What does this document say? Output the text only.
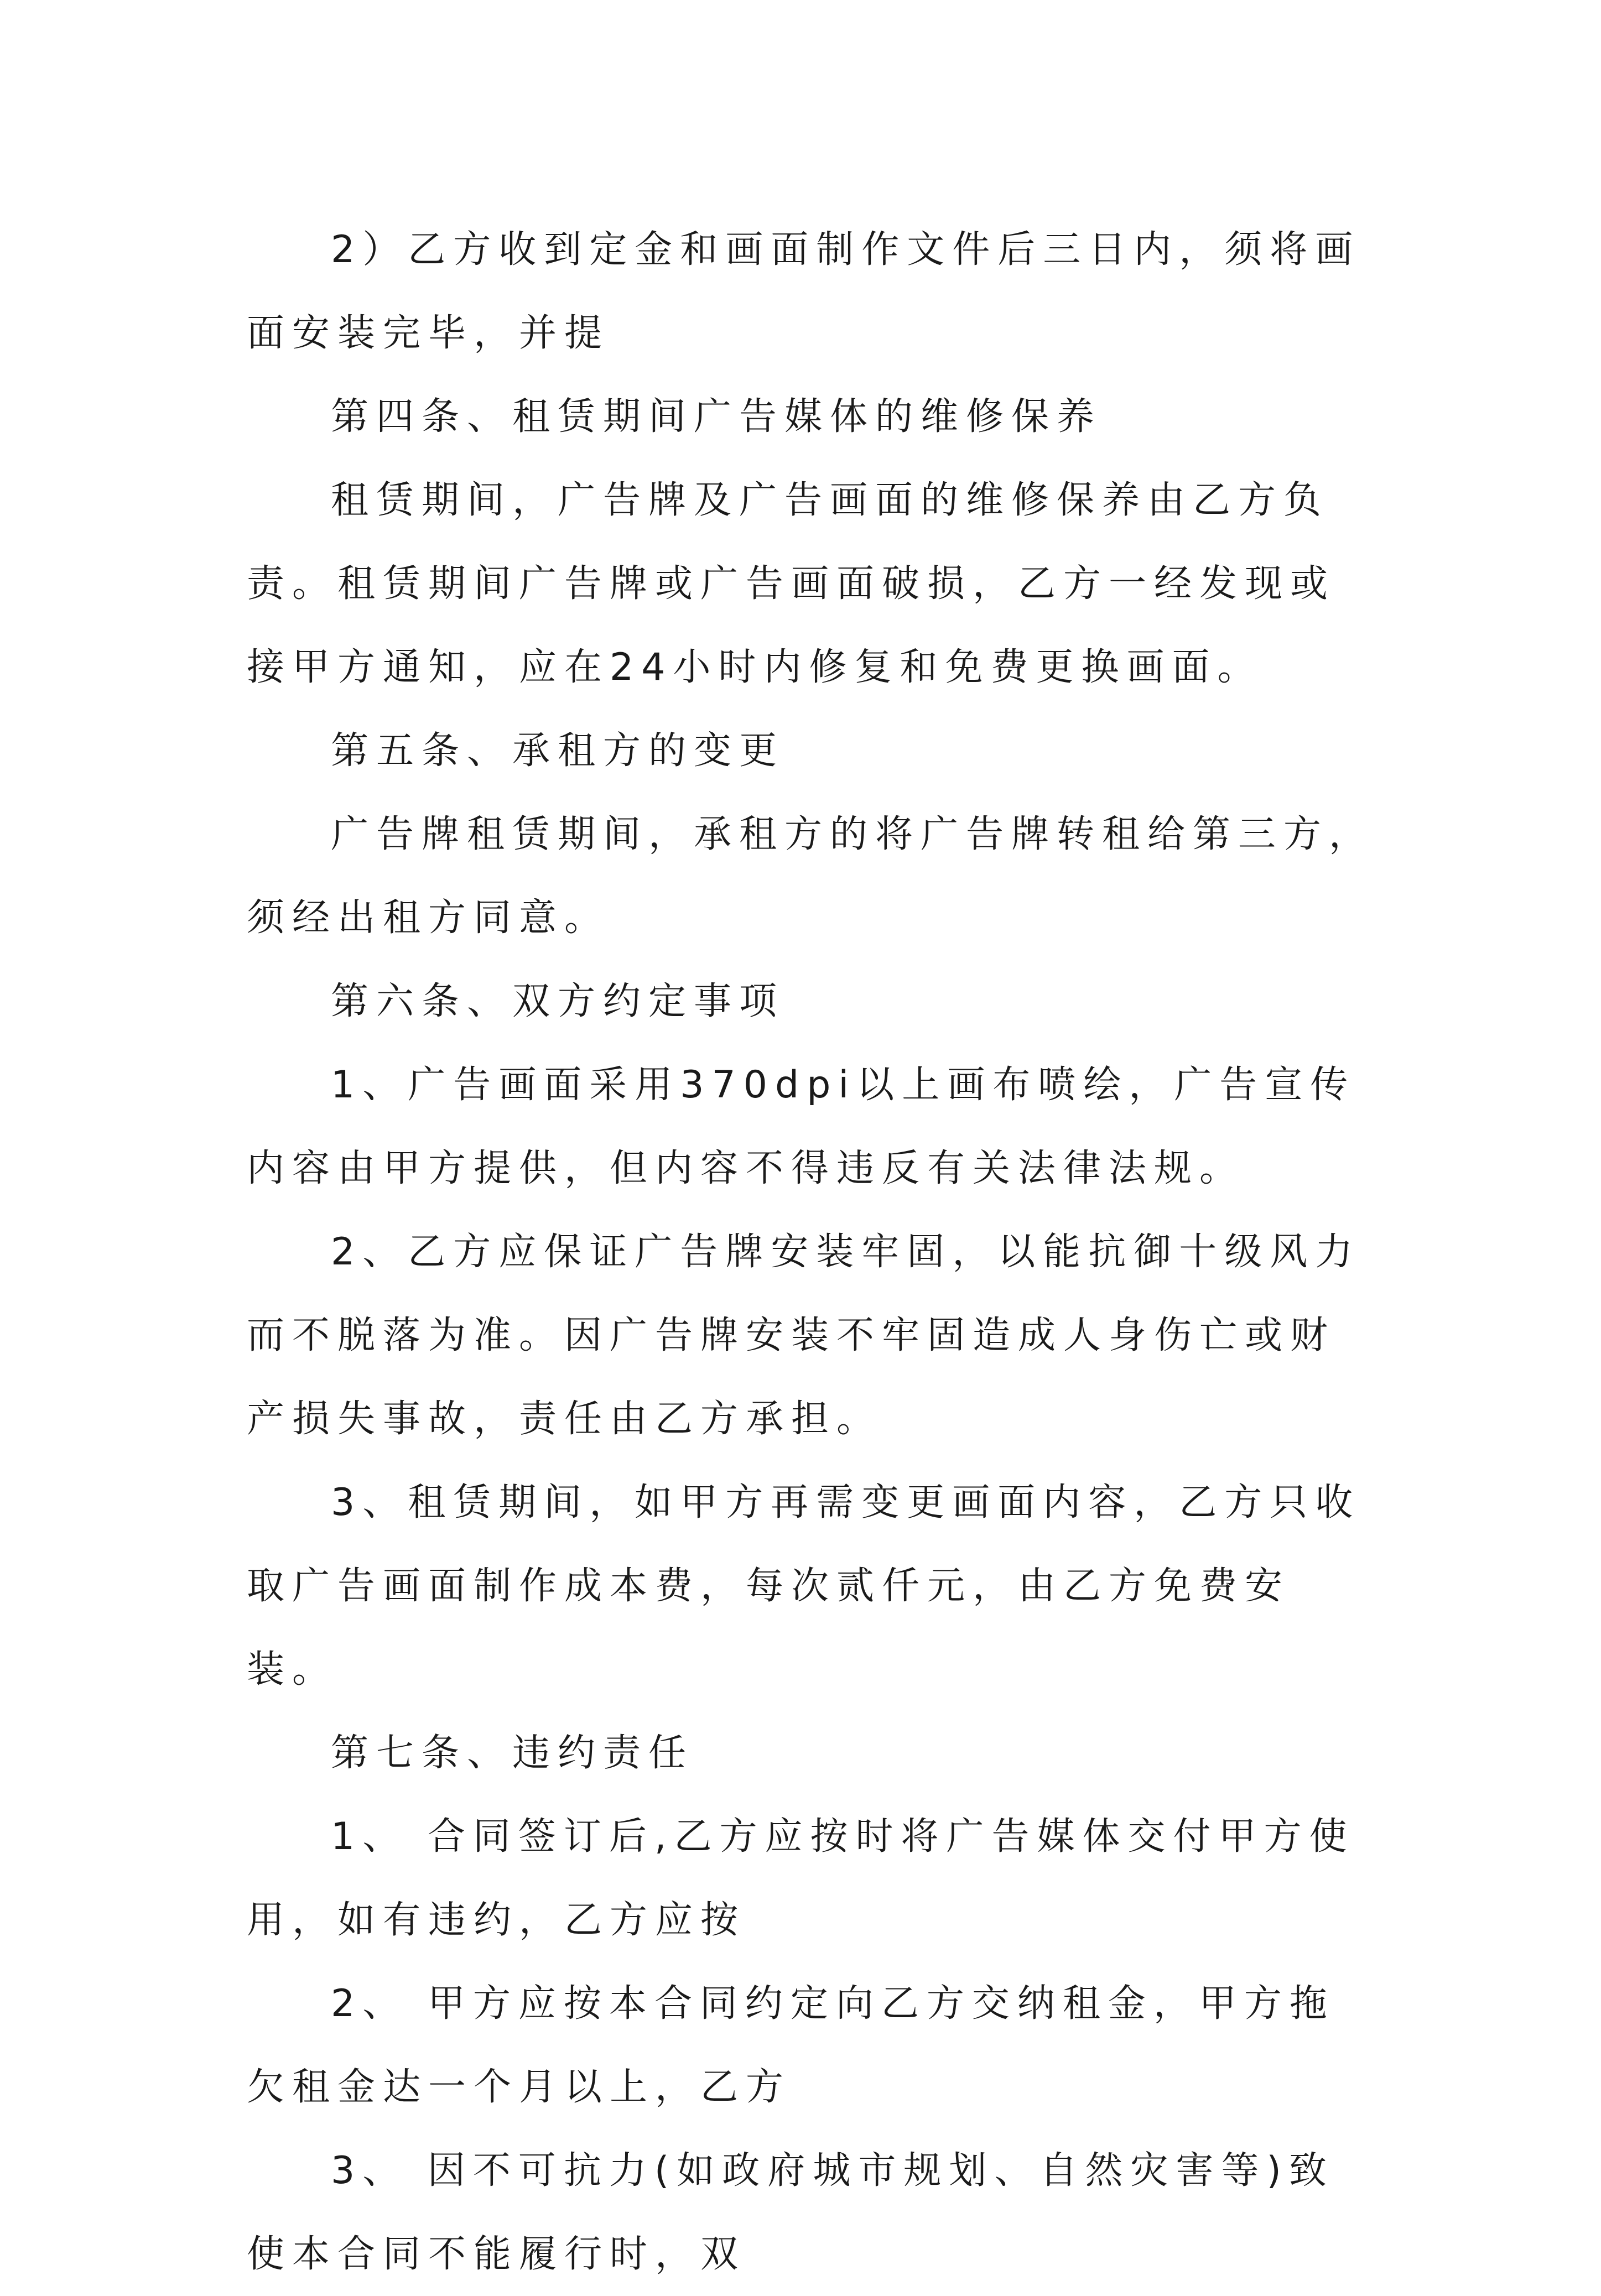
2）乙方收到定金和画面制作文件后三日内，须将画面安装完毕，并提

第四条、租赁期间广告媒体的维修保养

租赁期间，广告牌及广告画面的维修保养由乙方负责。租赁期间广告牌或广告画面破损，乙方一经发现或接甲方通知，应在24小时内修复和免费更换画面。

第五条、承租方的变更

广告牌租赁期间，承租方的将广告牌转租给第三方，须经出租方同意。

第六条、双方约定事项

1、广告画面采用370dpi以上画布喷绘，广告宣传内容由甲方提供，但内容不得违反有关法律法规。

2、乙方应保证广告牌安装牢固，以能抗御十级风力而不脱落为准。因广告牌安装不牢固造成人身伤亡或财产损失事故，责任由乙方承担。

3、租赁期间，如甲方再需变更画面内容，乙方只收取广告画面制作成本费，每次贰仟元，由乙方免费安装。

第七条、违约责任

1、 合同签订后,乙方应按时将广告媒体交付甲方使用，如有违约，乙方应按

2、 甲方应按本合同约定向乙方交纳租金，甲方拖欠租金达一个月以上，乙方

3、 因不可抗力(如政府城市规划、自然灾害等)致使本合同不能履行时，双
